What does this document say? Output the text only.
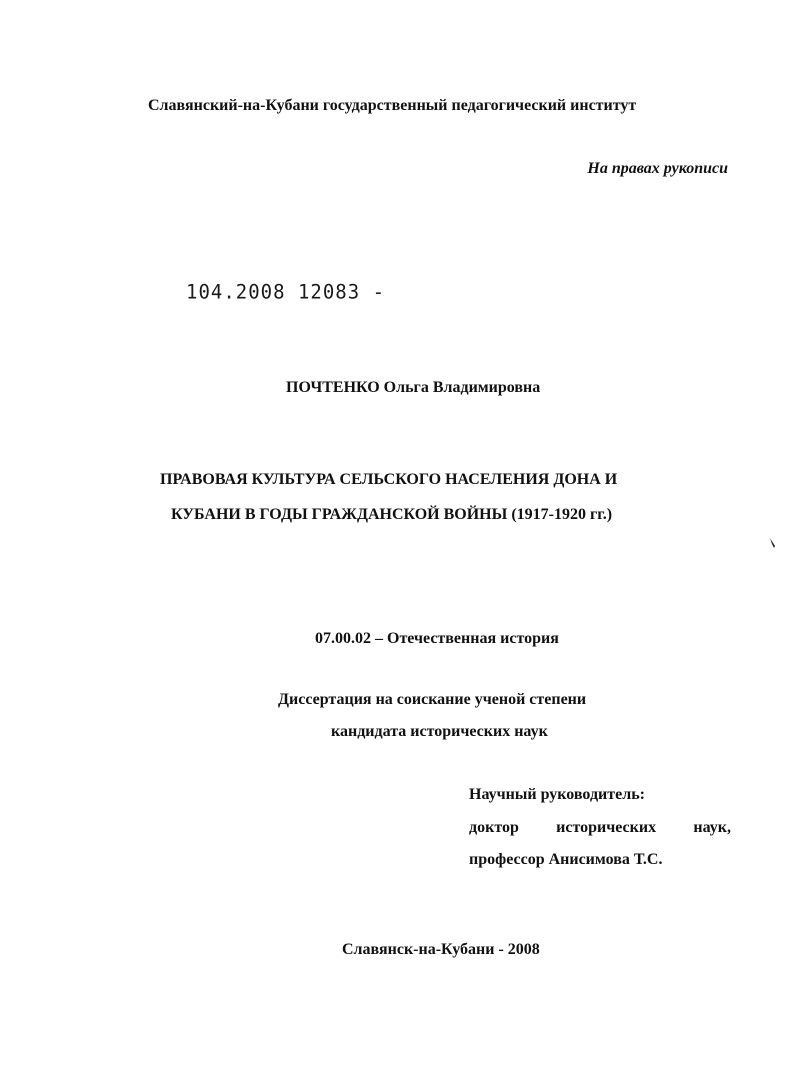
Славянский-на-Кубани государственный педагогический институт
На правах рукописи
104.2008 12083 -
ПОЧТЕНКО Ольга Владимировна
ПРАВОВАЯ КУЛЬТУРА СЕЛЬСКОГО НАСЕЛЕНИЯ ДОНА И
КУБАНИ В ГОДЫ ГРАЖДАНСКОЙ ВОЙНЫ (1917-1920 гг.)
07.00.02 – Отечественная история
Диссертация на соискание ученой степени
кандидата исторических наук
Научный руководитель:
доктор исторических наук,
профессор Анисимова Т.С.
Славянск-на-Кубани - 2008
